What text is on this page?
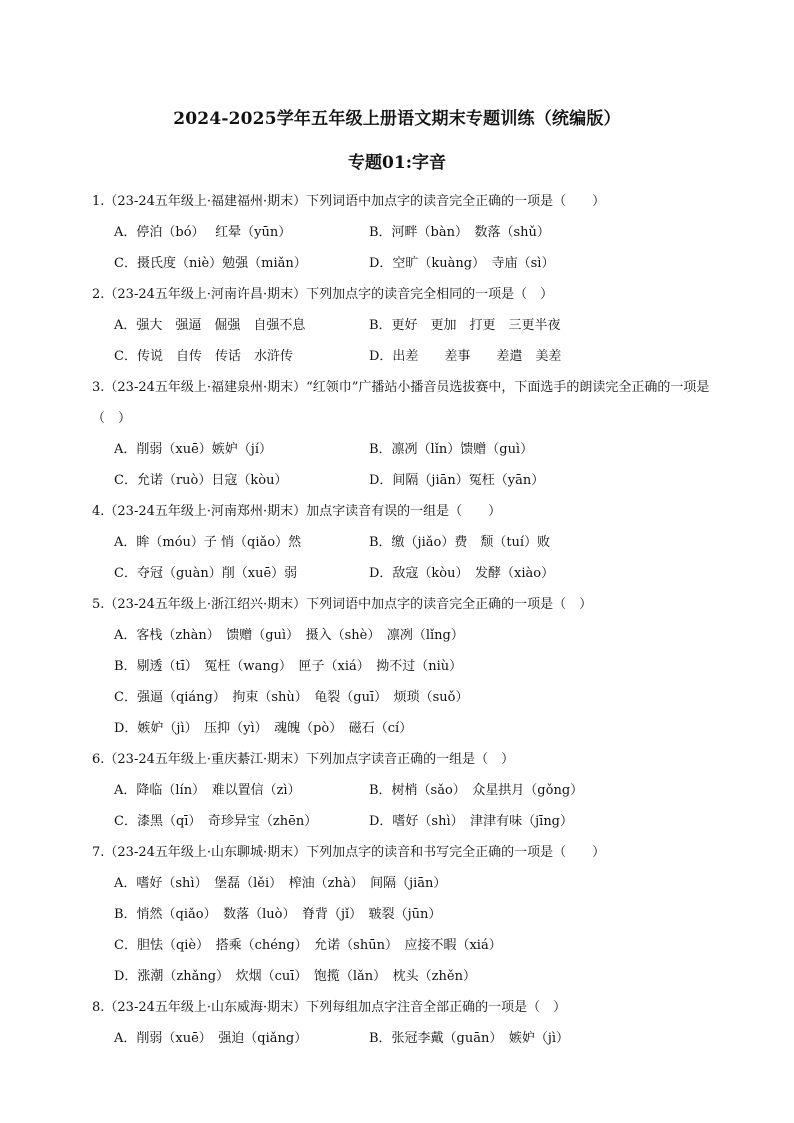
2024-2025学年五年级上册语文期末专题训练（统编版）
专题01:字音
1.（23-24五年级上·福建福州·期末）下列词语中加点字的读音完全正确的一项是（　　）
A．停泊（bó）　 红晕（yūn）	B．河畔（bàn）　数落（shǔ）
C．摄氏度（niè）勉强（miǎn）	D．空旷（kuàng）　寺庙（sì）
2.（23-24五年级上·河南许昌·期末）下列加点字的读音完全相同的一项是（　）
A．强大　强逼　倔强　自强不息	B．更好　更加　打更　三更半夜
C．传说　自传　传话　水浒传	D．出差　　差事　　差遣　美差
3.（23-24五年级上·福建泉州·期末）“红领巾”广播站小播音员选拔赛中，下面选手的朗读完全正确的一项是（　）
A．削弱（xuē）嫉妒（jí）	B．凛冽（lǐn）馈赠（guì）
C．允诺（ruò）日寇（kòu）	D．间隔（jiān）冤枉（yān）
4.（23-24五年级上·河南郑州·期末）加点字读音有误的一组是（　　）
A．眸（móu）子 悄（qiǎo）然	B．缴（jiǎo）费　颓（tuí）败
C．夺冠（guàn）削（xuē）弱	D．敌寇（kòu）　发酵（xiào）
5.（23-24五年级上·浙江绍兴·期末）下列词语中加点字的读音完全正确的一项是（　）
A．客栈（zhàn）　馈赠（guì）　摄入（shè）　凛冽（lǐng）
B．剔透（tī）　冤枉（wang）　匣子（xiá）　拗不过（niù）
C．强逼（qiáng）　拘束（shù）　龟裂（guī）　烦琐（suǒ）
D．嫉妒（jì）　压抑（yì）　魂魄（pò）　磁石（cí）
6.（23-24五年级上·重庆綦江·期末）下列加点字读音正确的一组是（　）
A．降临（lín）　难以置信（zì）	B．树梢（sǎo）　众星拱月（gǒng）
C．漆黑（qī）　奇珍异宝（zhēn）	D．嗜好（shì）　津津有味（jīng）
7.（23-24五年级上·山东聊城·期末）下列加点字的读音和书写完全正确的一项是（　　）
A．嗜好（shì）　堡磊（lěi）　榨油（zhà）　间隔（jiān）
B．悄然（qiǎo）　数落（luò）　脊背（jǐ）　皲裂（jūn）
C．胆怯（qiè）　搭乘（chéng）　允诺（shūn）　应接不暇（xiá）
D．涨潮（zhǎng）　炊烟（cuī）　饱揽（lǎn）　枕头（zhěn）
8.（23-24五年级上·山东威海·期末）下列每组加点字注音全部正确的一项是（　）
A．削弱（xuē）　强迫（qiǎng）	B．张冠李戴（guān）　嫉妒（jì）
